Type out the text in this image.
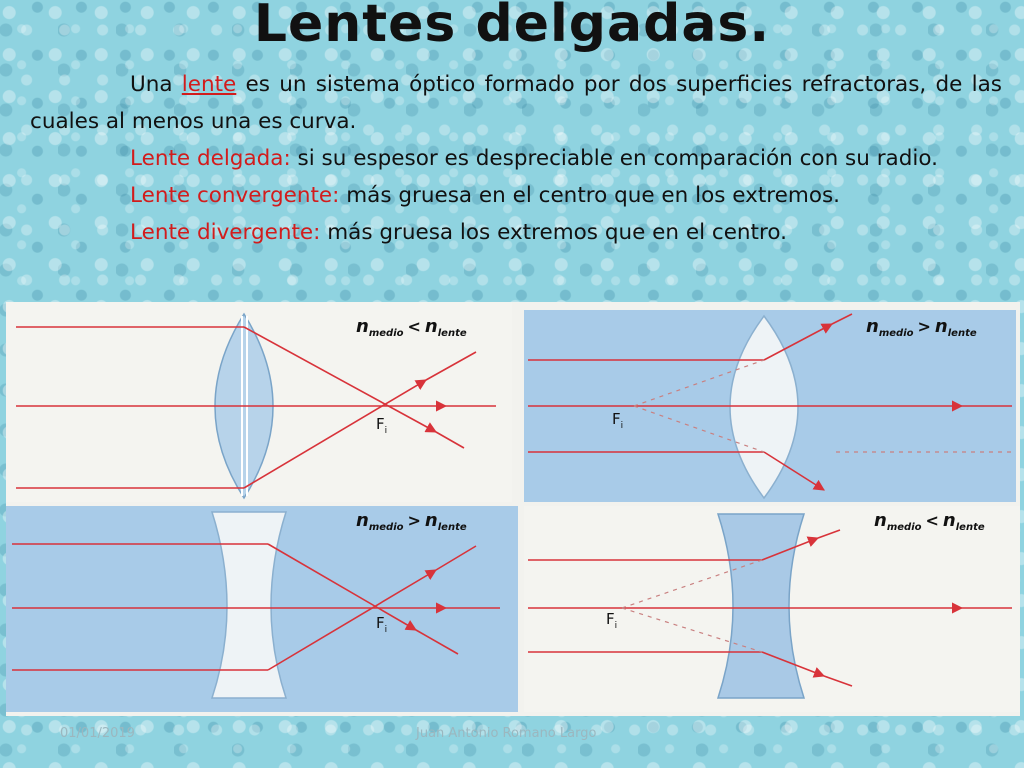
Lentes delgadas.
Una lente es un sistema óptico formado por dos superficies refractoras, de las cuales al menos una es curva.
Lente delgada: si su espesor es despreciable en comparación con su radio.
Lente convergente: más gruesa en el centro que en los extremos.
Lente divergente: más gruesa los extremos que en el centro.
$n_{medio} < n_{lente}$
$F_i$
$n_{medio} > n_{lente}$
$F_i$
$n_{medio} > n_{lente}$
$F_i$
$n_{medio} < n_{lente}$
$F_i$
01/01/2019	Juan Antonio Romano Largo
